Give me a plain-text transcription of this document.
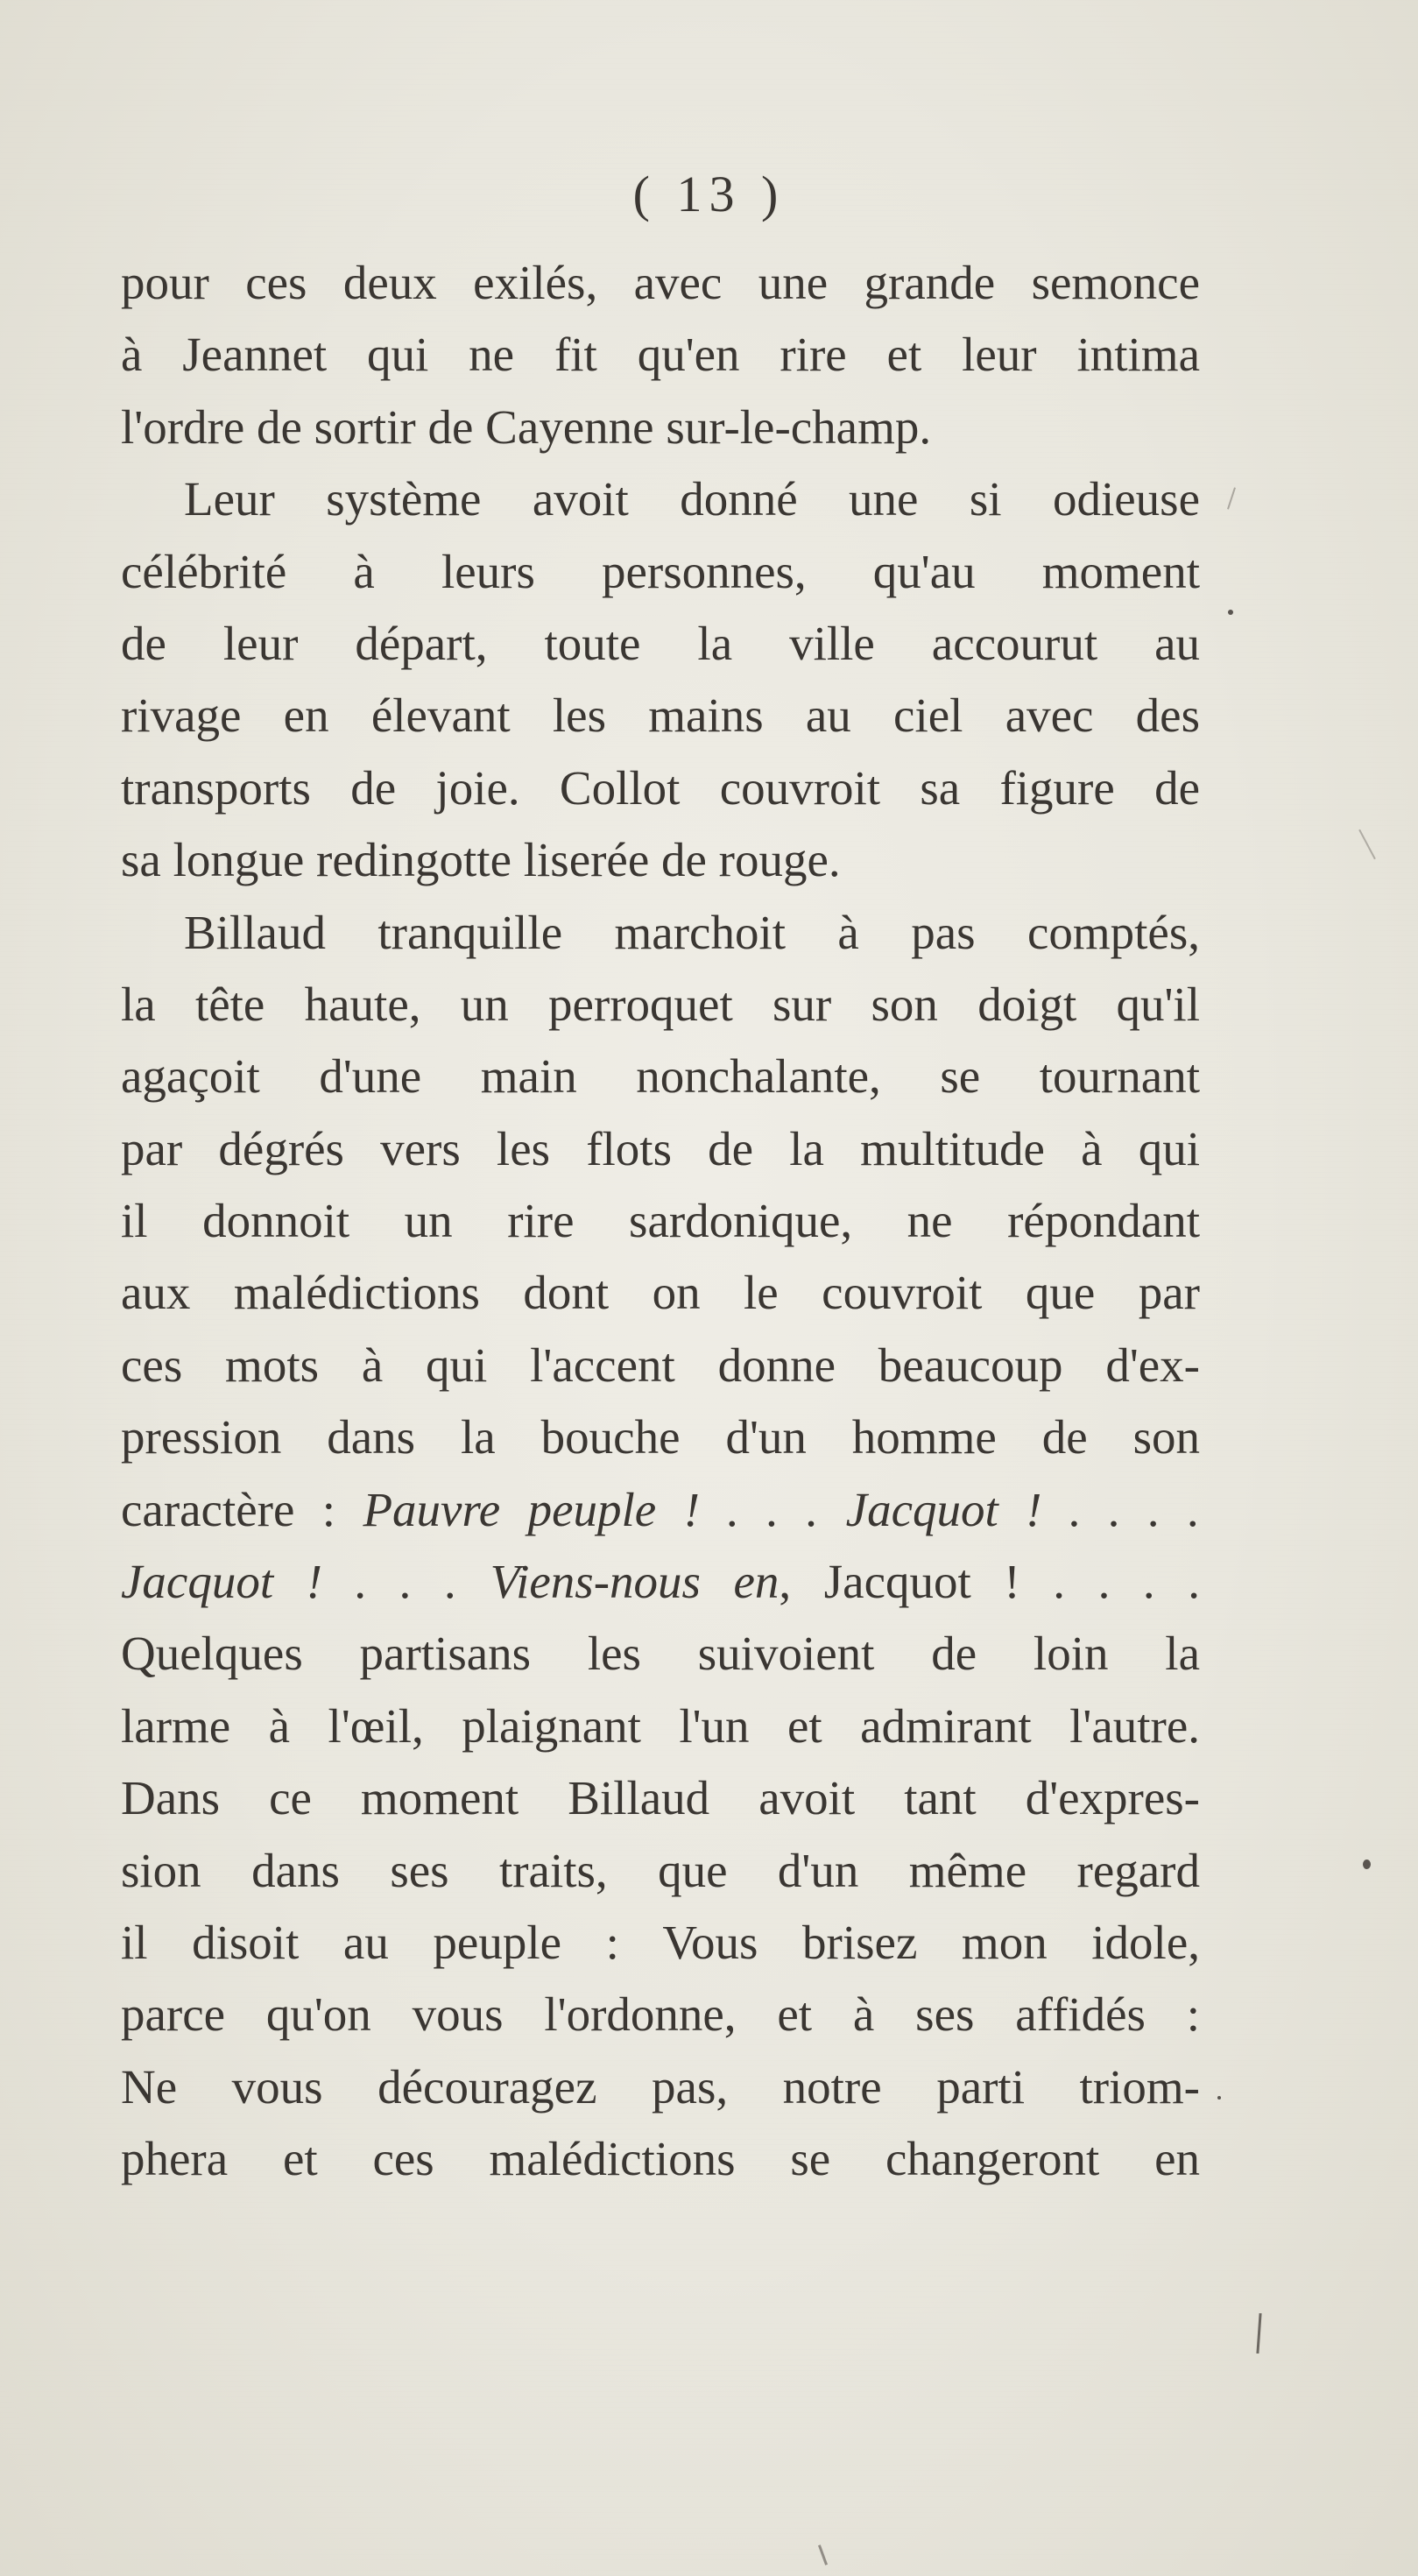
( 13 )
pour ces deux exilés, avec une grande semonce
à Jeannet qui ne fit qu'en rire et leur intima
l'ordre de sortir de Cayenne sur-le-champ.
Leur système avoit donné une si odieuse
célébrité à leurs personnes, qu'au moment
de leur départ, toute la ville accourut au
rivage en élevant les mains au ciel avec des
transports de joie. Collot couvroit sa figure de
sa longue redingotte liserée de rouge.
Billaud tranquille marchoit à pas comptés,
la tête haute, un perroquet sur son doigt qu'il
agaçoit d'une main nonchalante, se tournant
par dégrés vers les flots de la multitude à qui
il donnoit un rire sardonique, ne répondant
aux malédictions dont on le couvroit que par
ces mots à qui l'accent donne beaucoup d'ex-
pression dans la bouche d'un homme de son
caractère : Pauvre peuple ! . . . Jacquot ! . . . .
Jacquot ! . . . Viens-nous en, Jacquot ! . . . .
Quelques partisans les suivoient de loin la
larme à l'œil, plaignant l'un et admirant l'autre.
Dans ce moment Billaud avoit tant d'expres-
sion dans ses traits, que d'un même regard
il disoit au peuple : Vous brisez mon idole,
parce qu'on vous l'ordonne, et à ses affidés :
Ne vous découragez pas, notre parti triom-
phera et ces malédictions se changeront en
